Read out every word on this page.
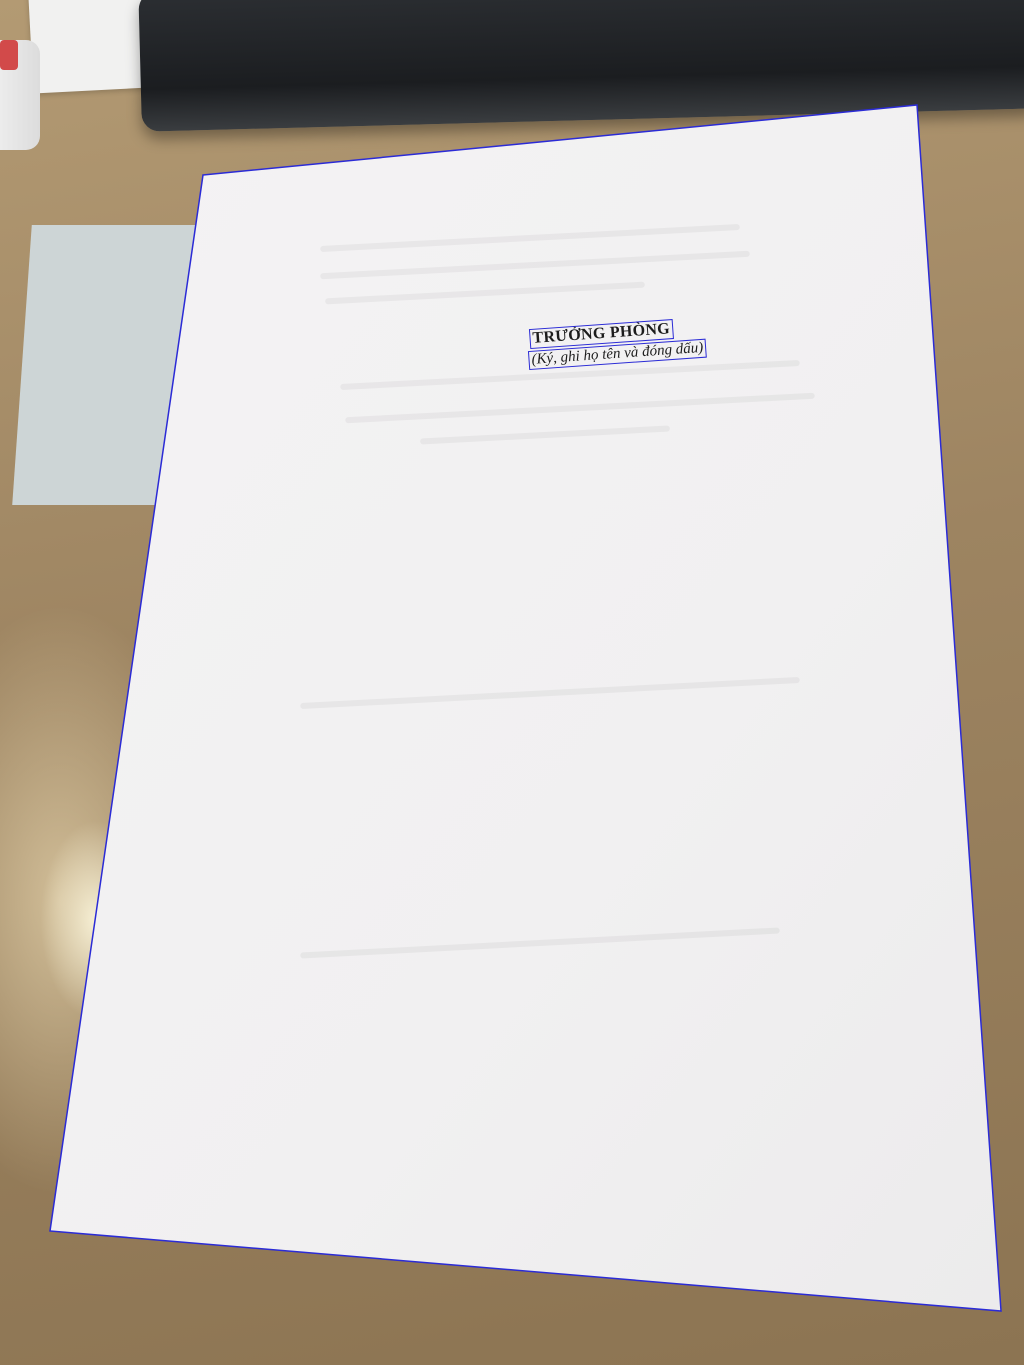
TRƯỞNG PHÒNG
(Ký, ghi họ tên và đóng dấu)
